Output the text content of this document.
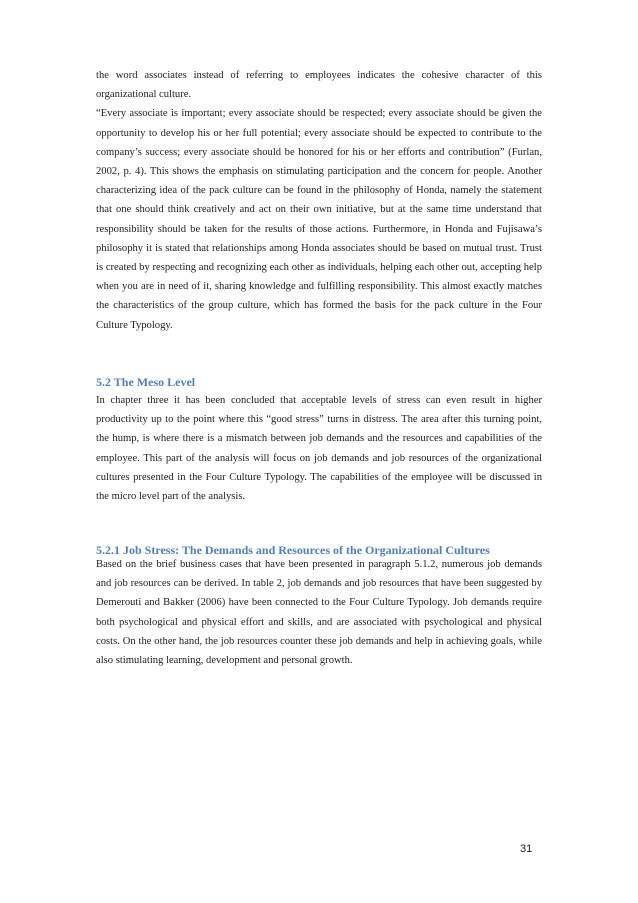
the word associates instead of referring to employees indicates the cohesive character of this organizational culture.

“Every associate is important; every associate should be respected; every associate should be given the opportunity to develop his or her full potential; every associate should be expected to contribute to the company’s success; every associate should be honored for his or her efforts and contribution” (Furlan, 2002, p. 4). This shows the emphasis on stimulating participation and the concern for people. Another characterizing idea of the pack culture can be found in the philosophy of Honda, namely the statement that one should think creatively and act on their own initiative, but at the same time understand that responsibility should be taken for the results of those actions. Furthermore, in Honda and Fujisawa’s philosophy it is stated that relationships among Honda associates should be based on mutual trust. Trust is created by respecting and recognizing each other as individuals, helping each other out, accepting help when you are in need of it, sharing knowledge and fulfilling responsibility. This almost exactly matches the characteristics of the group culture, which has formed the basis for the pack culture in the Four Culture Typology.

5.2 The Meso Level

In chapter three it has been concluded that acceptable levels of stress can even result in higher productivity up to the point where this “good stress” turns in distress. The area after this turning point, the hump, is where there is a mismatch between job demands and the resources and capabilities of the employee. This part of the analysis will focus on job demands and job resources of the organizational cultures presented in the Four Culture Typology. The capabilities of the employee will be discussed in the micro level part of the analysis.

5.2.1 Job Stress: The Demands and Resources of the Organizational Cultures

Based on the brief business cases that have been presented in paragraph 5.1.2, numerous job demands and job resources can be derived. In table 2, job demands and job resources that have been suggested by Demerouti and Bakker (2006) have been connected to the Four Culture Typology. Job demands require both psychological and physical effort and skills, and are associated with psychological and physical costs. On the other hand, the job resources counter these job demands and help in achieving goals, while also stimulating learning, development and personal growth.

31
